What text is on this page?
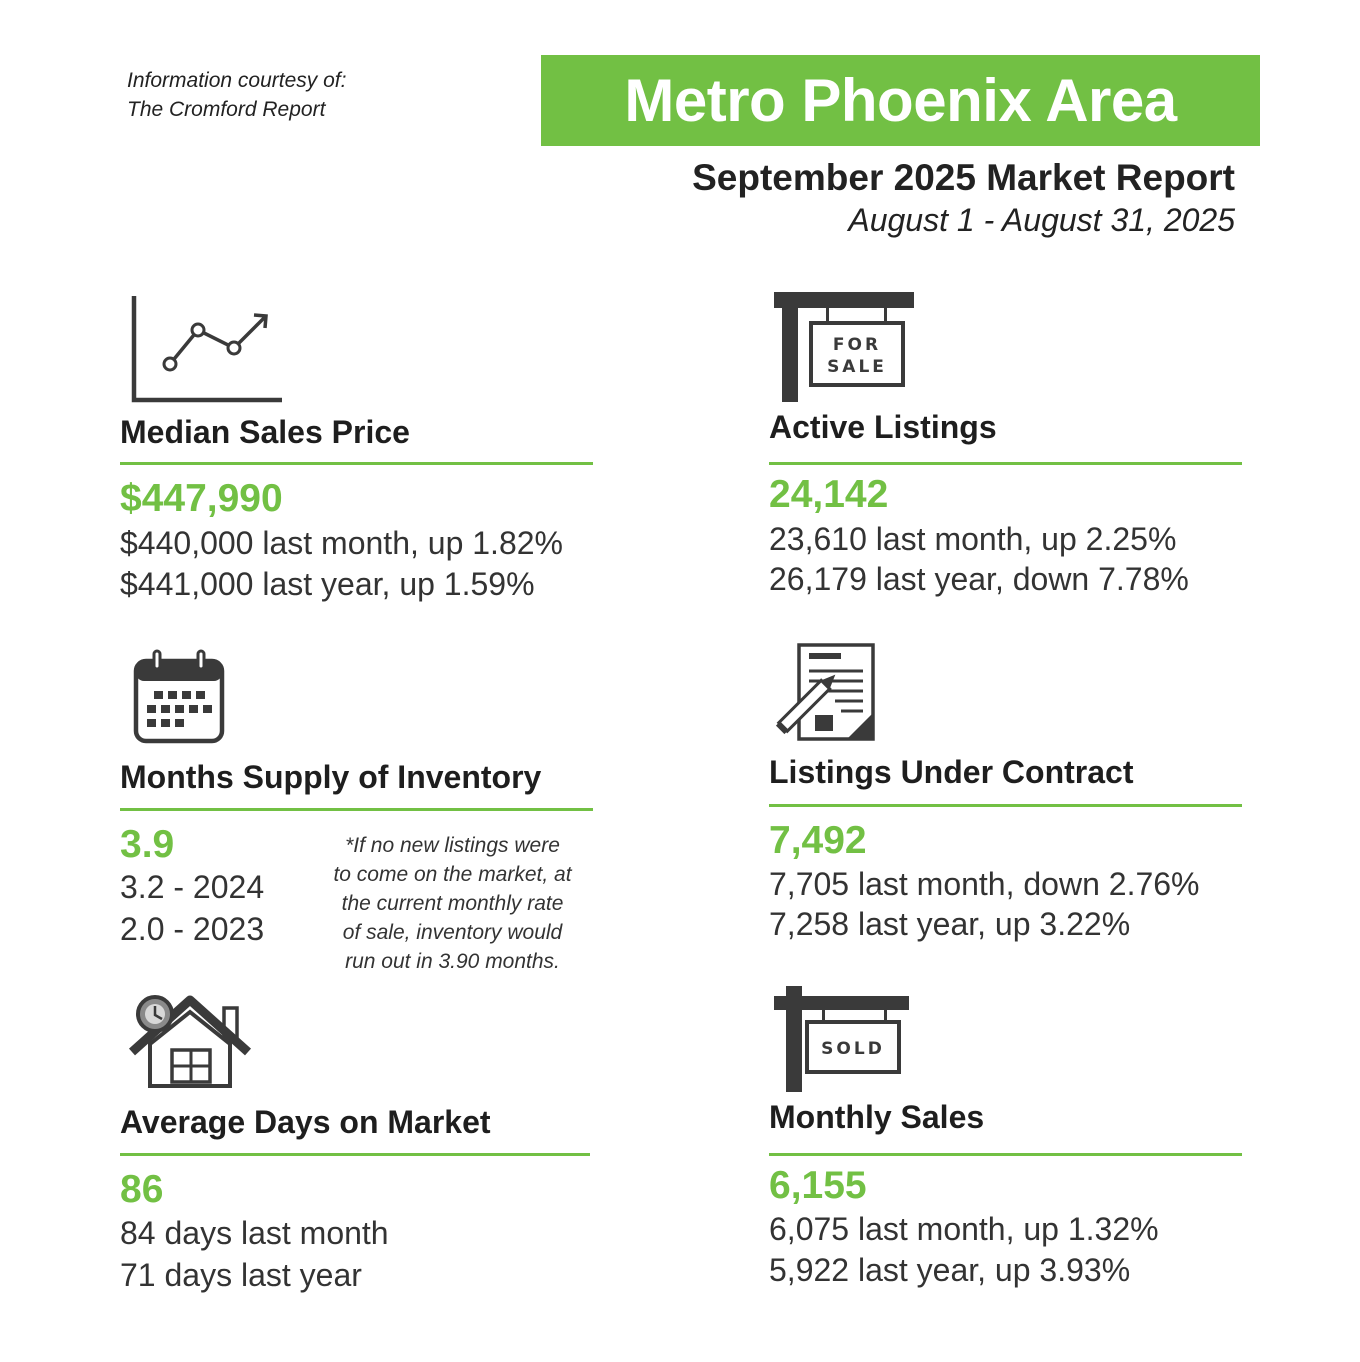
Information courtesy of:
The Cromford Report	Metro Phoenix Area
September 2025 Market Report
August 1 - August 31, 2025
Median Sales Price
$447,990
$440,000 last month, up 1.82%
$441,000 last year, up 1.59%
FOR
SALE
Active Listings
24,142
23,610 last month, up 2.25%
26,179 last year, down 7.78%
Months Supply of Inventory
3.9
3.2 - 2024
2.0 - 2023
*If no new listings were
to come on the market, at
the current monthly rate
of sale, inventory would
run out in 3.90 months.
Listings Under Contract
7,492
7,705 last month, down 2.76%
7,258 last year, up 3.22%
Average Days on Market
86
84 days last month
71 days last year
SOLD
Monthly Sales
6,155
6,075 last month, up 1.32%
5,922 last year, up 3.93%
